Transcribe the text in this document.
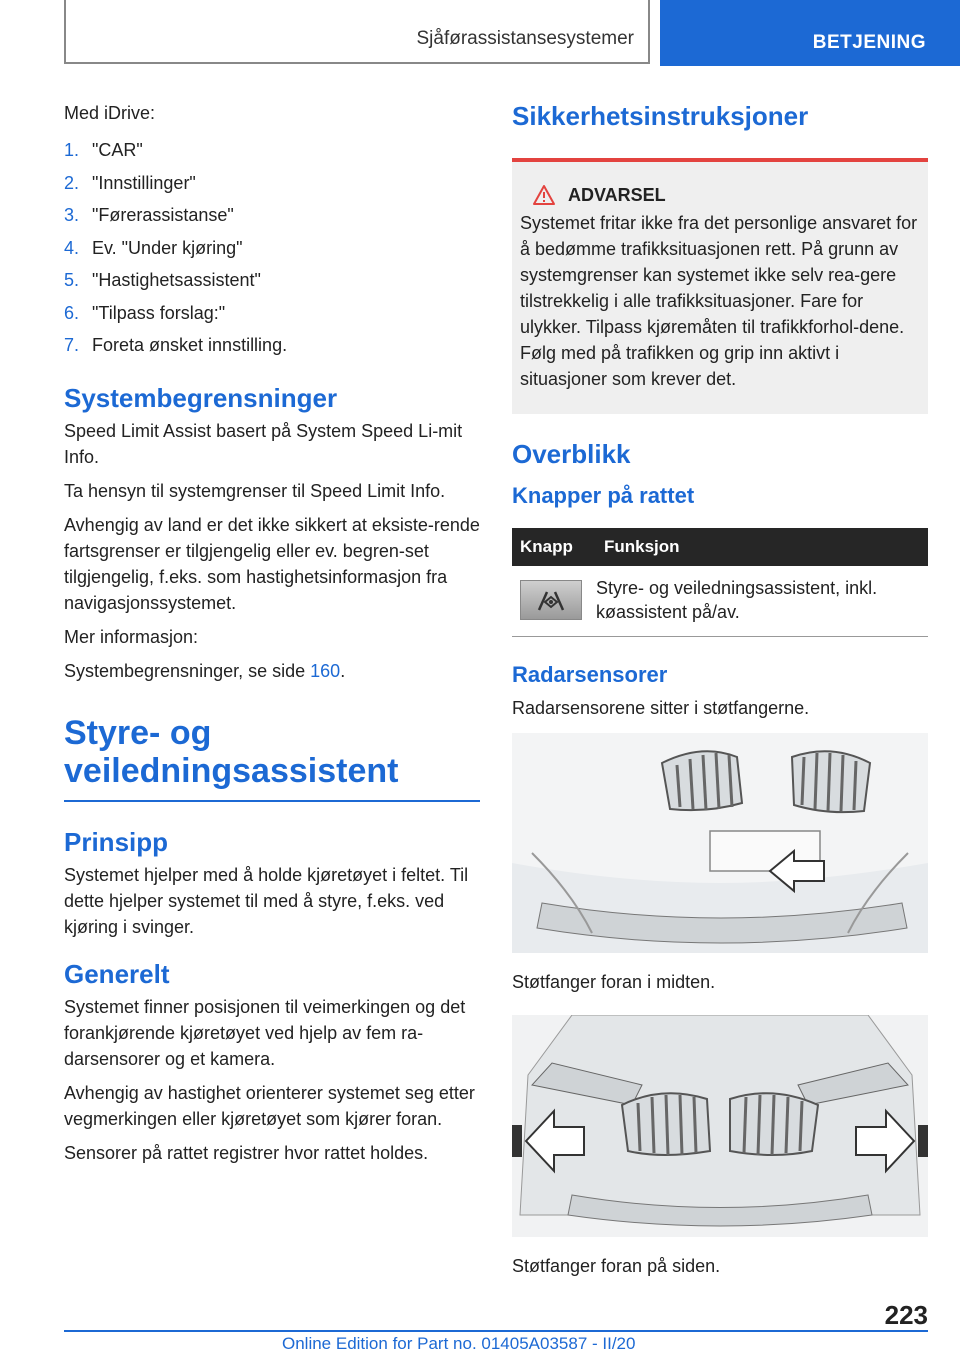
Sjåførassistansesystemer	BETJENING

Med iDrive:

1. "CAR"
2. "Innstillinger"
3. "Førerassistanse"
4. Ev. "Under kjøring"
5. "Hastighetsassistent"
6. "Tilpass forslag:"
7. Foreta ønsket innstilling.
Systembegrensninger

Speed Limit Assist basert på System Speed Li-mit Info.

Ta hensyn til systemgrenser til Speed Limit Info.

Avhengig av land er det ikke sikkert at eksiste-rende fartsgrenser er tilgjengelig eller ev. begren-set tilgjengelig, f.eks. som hastighetsinformasjon fra navigasjonssystemet.

Mer informasjon:

Systembegrensninger, se side 160.

Styre- og
veiledningsassistent
Prinsipp

Systemet hjelper med å holde kjøretøyet i feltet. Til dette hjelper systemet til med å styre, f.eks. ved kjøring i svinger.

Generelt

Systemet finner posisjonen til veimerkingen og det forankjørende kjøretøyet ved hjelp av fem ra-darsensorer og et kamera.

Avhengig av hastighet orienterer systemet seg etter vegmerkingen eller kjøretøyet som kjører foran.

Sensorer på rattet registrer hvor rattet holdes.

Sikkerhetsinstruksjoner
ADVARSEL

Systemet fritar ikke fra det personlige ansvaret for å bedømme trafikksituasjonen rett. På grunn av systemgrenser kan systemet ikke selv rea-gere tilstrekkelig i alle trafikksituasjoner. Fare for ulykker. Tilpass kjøremåten til trafikkforhol-dene. Følg med på trafikken og grip inn aktivt i situasjoner som krever det.

Overblikk
Knapper på rattet
Knapp	Funksjon

	Styre- og veiledningsassistent, inkl. køassistent på/av.
Radarsensorer

Radarsensorene sitter i støtfangerne.

Støtfanger foran i midten.

Støtfanger foran på siden.

223
Online Edition for Part no. 01405A03587 - II/20
